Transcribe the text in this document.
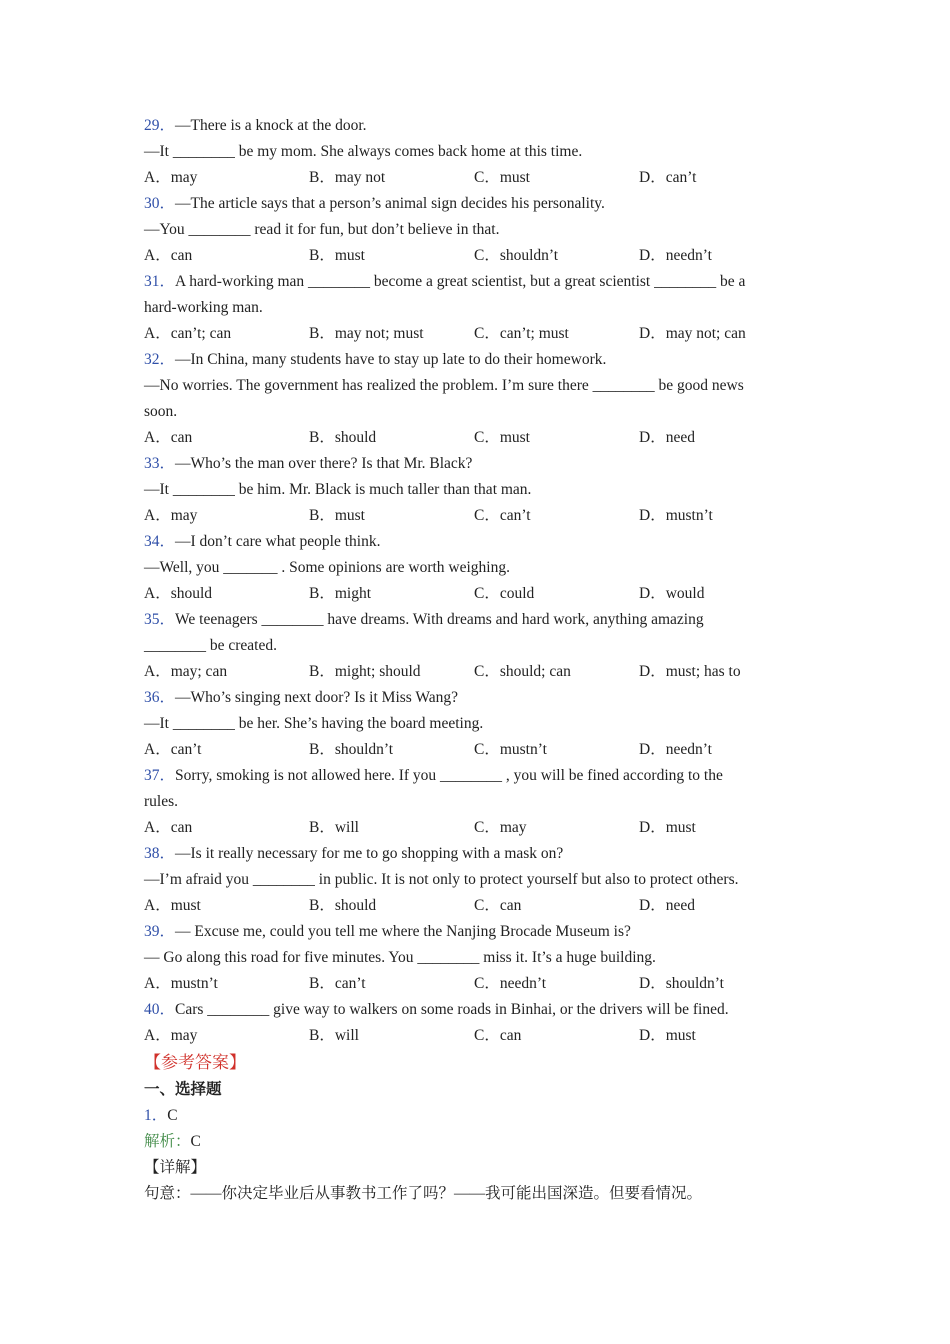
29．—There is a knock at the door.
—It ________ be my mom. She always comes back home at this time.
A．may	B．may not	C．must	D．can’t
30．—The article says that a person’s animal sign decides his personality.
—You ________ read it for fun, but don’t believe in that.
A．can	B．must	C．shouldn’t	D．needn’t
31．A hard-working man ________ become a great scientist, but a great scientist ________ be a
hard-working man.
A．can’t; can	B．may not; must	C．can’t; must	D．may not; can
32．—In China, many students have to stay up late to do their homework.
—No worries. The government has realized the problem. I’m sure there ________ be good news
soon.
A．can	B．should	C．must	D．need
33．—Who’s the man over there? Is that Mr. Black?
—It ________ be him. Mr. Black is much taller than that man.
A．may	B．must	C．can’t	D．mustn’t
34．—I don’t care what people think.
—Well, you _______ . Some opinions are worth weighing.
A．should	B．might	C．could	D．would
35．We teenagers ________ have dreams. With dreams and hard work, anything amazing
________ be created.
A．may; can	B．might; should	C．should; can	D．must; has to
36．—Who’s singing next door? Is it Miss Wang?
—It ________ be her. She’s having the board meeting.
A．can’t	B．shouldn’t	C．mustn’t	D．needn’t
37．Sorry, smoking is not allowed here. If you ________ , you will be fined according to the
rules.
A．can	B．will	C．may	D．must
38．—Is it really necessary for me to go shopping with a mask on?
—I’m afraid you ________ in public. It is not only to protect yourself but also to protect others.
A．must	B．should	C．can	D．need
39．— Excuse me, could you tell me where the Nanjing Brocade Museum is?
— Go along this road for five minutes. You ________ miss it. It’s a huge building.
A．mustn’t	B．can’t	C．needn’t	D．shouldn’t
40．Cars ________ give way to walkers on some roads in Binhai, or the drivers will be fined.
A．may	B．will	C．can	D．must
【参考答案】
一、选择题
1．C
解析：C
【详解】
句意：——你决定毕业后从事教书工作了吗？——我可能出国深造。但要看情况。
